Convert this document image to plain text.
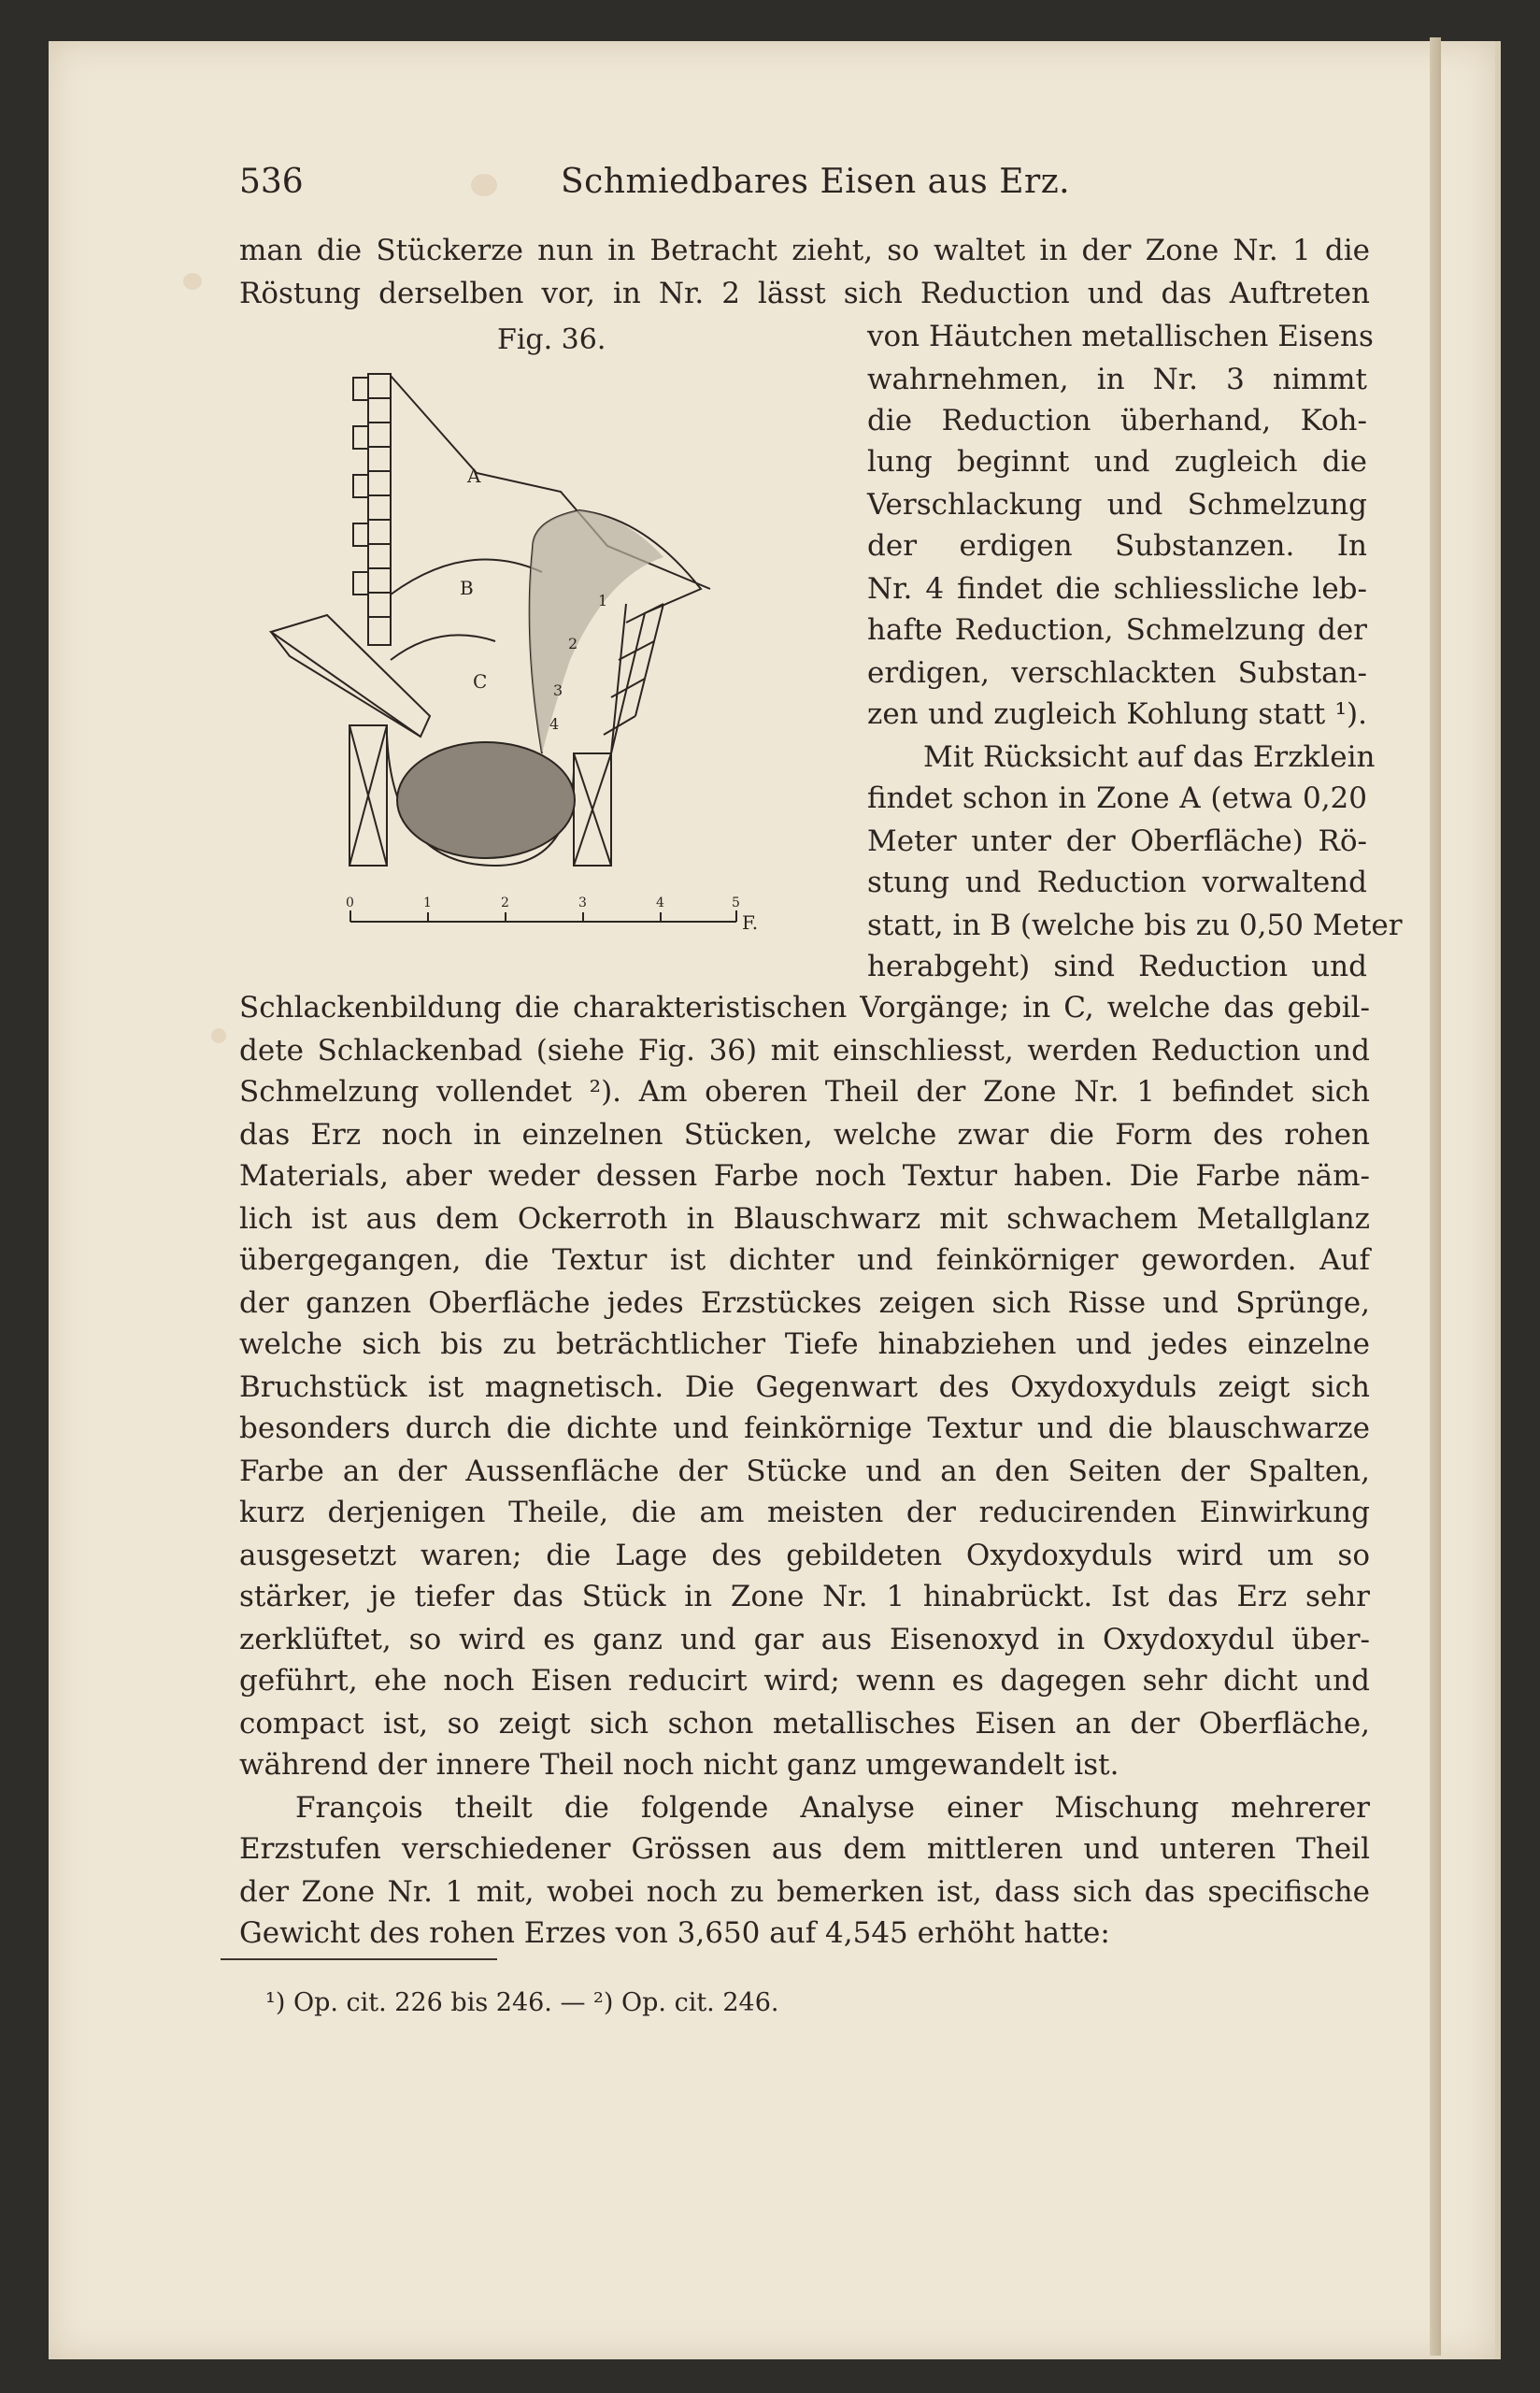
536	Schmiedbares Eisen aus Erz.
man die Stückerze nun in Betracht zieht, so waltet in der Zone Nr. 1 die
Röstung derselben vor, in Nr. 2 lässt sich Reduction und das Auftreten
Fig. 36.
A
B
C
1
2
3
4
0	1	2	3	4	5
F.
von Häutchen metallischen Eisens
wahrnehmen, in Nr. 3 nimmt
die Reduction überhand, Koh-
lung beginnt und zugleich die
Verschlackung und Schmelzung
der erdigen Substanzen. In
Nr. 4 findet die schliessliche leb-
hafte Reduction, Schmelzung der
erdigen, verschlackten Substan-
zen und zugleich Kohlung statt ¹).
Mit Rücksicht auf das Erzklein
findet schon in Zone A (etwa 0,20
Meter unter der Oberfläche) Rö-
stung und Reduction vorwaltend
statt, in B (welche bis zu 0,50 Meter
herabgeht) sind Reduction und
Schlackenbildung die charakteristischen Vorgänge; in C, welche das gebil-
dete Schlackenbad (siehe Fig. 36) mit einschliesst, werden Reduction und
Schmelzung vollendet ²). Am oberen Theil der Zone Nr. 1 befindet sich
das Erz noch in einzelnen Stücken, welche zwar die Form des rohen
Materials, aber weder dessen Farbe noch Textur haben. Die Farbe näm-
lich ist aus dem Ockerroth in Blauschwarz mit schwachem Metallglanz
übergegangen, die Textur ist dichter und feinkörniger geworden. Auf
der ganzen Oberfläche jedes Erzstückes zeigen sich Risse und Sprünge,
welche sich bis zu beträchtlicher Tiefe hinabziehen und jedes einzelne
Bruchstück ist magnetisch. Die Gegenwart des Oxydoxyduls zeigt sich
besonders durch die dichte und feinkörnige Textur und die blauschwarze
Farbe an der Aussenfläche der Stücke und an den Seiten der Spalten,
kurz derjenigen Theile, die am meisten der reducirenden Einwirkung
ausgesetzt waren; die Lage des gebildeten Oxydoxyduls wird um so
stärker, je tiefer das Stück in Zone Nr. 1 hinabrückt. Ist das Erz sehr
zerklüftet, so wird es ganz und gar aus Eisenoxyd in Oxydoxydul über-
geführt, ehe noch Eisen reducirt wird; wenn es dagegen sehr dicht und
compact ist, so zeigt sich schon metallisches Eisen an der Oberfläche,
während der innere Theil noch nicht ganz umgewandelt ist.
François theilt die folgende Analyse einer Mischung mehrerer
Erzstufen verschiedener Grössen aus dem mittleren und unteren Theil
der Zone Nr. 1 mit, wobei noch zu bemerken ist, dass sich das specifische
Gewicht des rohen Erzes von 3,650 auf 4,545 erhöht hatte:
¹) Op. cit. 226 bis 246. — ²) Op. cit. 246.
